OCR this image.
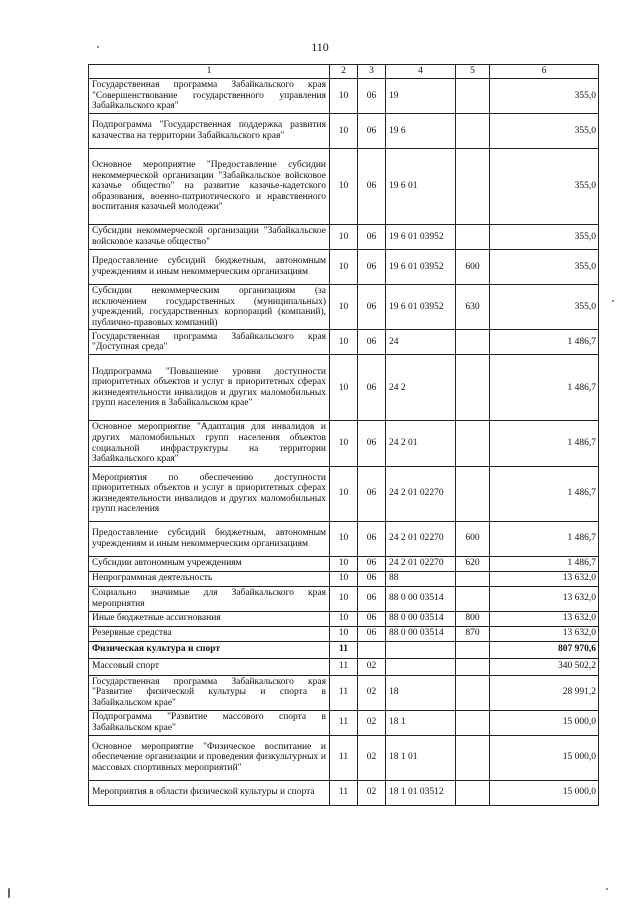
110
1	2	3	4	5	6
Государственная программа Забайкальского края "Совершенствование государственного управления Забайкальского края"	10	06	19		355,0
Подпрограмма "Государственная поддержка развития казачества на территории Забайкальского края"	10	06	19 6		355,0
Основное мероприятие "Предоставление субсидии некоммерческой организации "Забайкальское войсковое казачье общество" на развитие казачье-кадетского образования, военно-патриотического и нравственного воспитания казачьей молодежи"	10	06	19 6 01		355,0
Субсидии некоммерческой организации "Забайкальское войсковое казачье общество"	10	06	19 6 01 03952		355,0
Предоставление субсидий бюджетным, автономным учреждениям и иным некоммерческим организациям	10	06	19 6 01 03952	600	355,0
Субсидии некоммерческим организациям (за исключением государственных (муниципальных) учреждений, государственных корпораций (компаний), публично-правовых компаний)	10	06	19 6 01 03952	630	355,0
Государственная программа Забайкальского края "Доступная среда"	10	06	24		1 486,7
Подпрограмма "Повышение уровня доступности приоритетных объектов и услуг в приоритетных сферах жизнедеятельности инвалидов и других маломобильных групп населения в Забайкальском крае"	10	06	24 2		1 486,7
Основное мероприятие "Адаптация для инвалидов и других маломобильных групп населения объектов социальной инфраструктуры на территории Забайкальского края"	10	06	24 2 01		1 486,7
Мероприятия по обеспечению доступности приоритетных объектов и услуг в приоритетных сферах жизнедеятельности инвалидов и других маломобильных групп населения	10	06	24 2 01 02270		1 486,7
Предоставление субсидий бюджетным, автономным учреждениям и иным некоммерческим организациям	10	06	24 2 01 02270	600	1 486,7
Субсидии автономным учреждениям	10	06	24 2 01 02270	620	1 486,7
Непрограммная деятельность	10	06	88		13 632,0
Социально значимые для Забайкальского края мероприятия	10	06	88 0 00 03514		13 632,0
Иные бюджетные ассигнования	10	06	88 0 00 03514	800	13 632,0
Резервные средства	10	06	88 0 00 03514	870	13 632,0
Физическая культура и спорт	11				807 970,6
Массовый спорт	11	02			340 502,2
Государственная программа Забайкальского края "Развитие физической культуры и спорта в Забайкальском крае"	11	02	18		28 991,2
Подпрограмма "Развитие массового спорта в Забайкальском крае"	11	02	18 1		15 000,0
Основное мероприятие "Физическое воспитание и обеспечение организации и проведения физкультурных и массовых спортивных мероприятий"	11	02	18 1 01		15 000,0
Мероприятия в области физической культуры и спорта	11	02	18 1 01 03512		15 000,0
